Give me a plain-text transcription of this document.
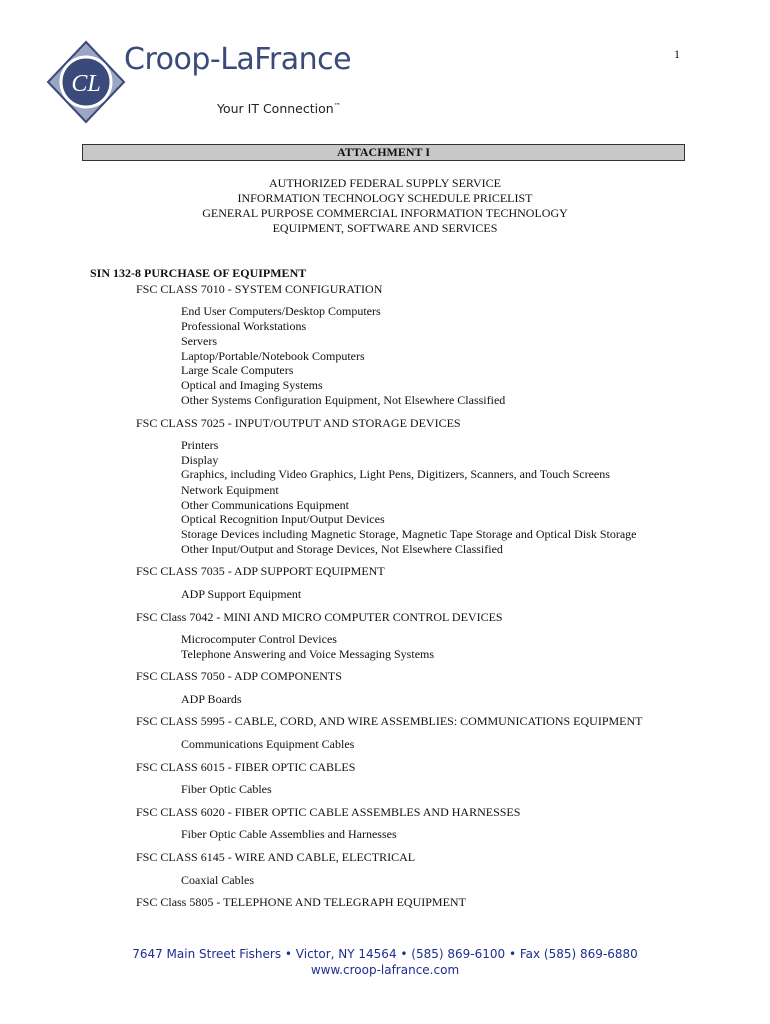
1
CL
Croop-LaFrance
Your IT Connection™
ATTACHMENT I
AUTHORIZED FEDERAL SUPPLY SERVICE
INFORMATION TECHNOLOGY SCHEDULE PRICELIST
GENERAL PURPOSE COMMERCIAL INFORMATION TECHNOLOGY
EQUIPMENT, SOFTWARE AND SERVICES
SIN 132-8 PURCHASE OF EQUIPMENT
FSC CLASS 7010 - SYSTEM CONFIGURATION
End User Computers/Desktop Computers
Professional Workstations
Servers
Laptop/Portable/Notebook Computers
Large Scale Computers
Optical and Imaging Systems
Other Systems Configuration Equipment, Not Elsewhere Classified
FSC CLASS 7025 - INPUT/OUTPUT AND STORAGE DEVICES
Printers
Display
Graphics, including Video Graphics, Light Pens, Digitizers, Scanners, and Touch Screens
Network Equipment
Other Communications Equipment
Optical Recognition Input/Output Devices
Storage Devices including Magnetic Storage, Magnetic Tape Storage and Optical Disk Storage
Other Input/Output and Storage Devices, Not Elsewhere Classified
FSC CLASS 7035 - ADP SUPPORT EQUIPMENT
ADP Support Equipment
FSC Class 7042 - MINI AND MICRO COMPUTER CONTROL DEVICES
Microcomputer Control Devices
Telephone Answering and Voice Messaging Systems
FSC CLASS 7050 - ADP COMPONENTS
ADP Boards
FSC CLASS 5995 - CABLE, CORD, AND WIRE ASSEMBLIES: COMMUNICATIONS EQUIPMENT
Communications Equipment Cables
FSC CLASS 6015 - FIBER OPTIC CABLES
Fiber Optic Cables
FSC CLASS 6020 - FIBER OPTIC CABLE ASSEMBLES AND HARNESSES
Fiber Optic Cable Assemblies and Harnesses
FSC CLASS 6145 - WIRE AND CABLE, ELECTRICAL
Coaxial Cables
FSC Class 5805 - TELEPHONE AND TELEGRAPH EQUIPMENT
7647 Main Street Fishers • Victor, NY 14564 • (585) 869-6100 • Fax (585) 869-6880
www.croop-lafrance.com
